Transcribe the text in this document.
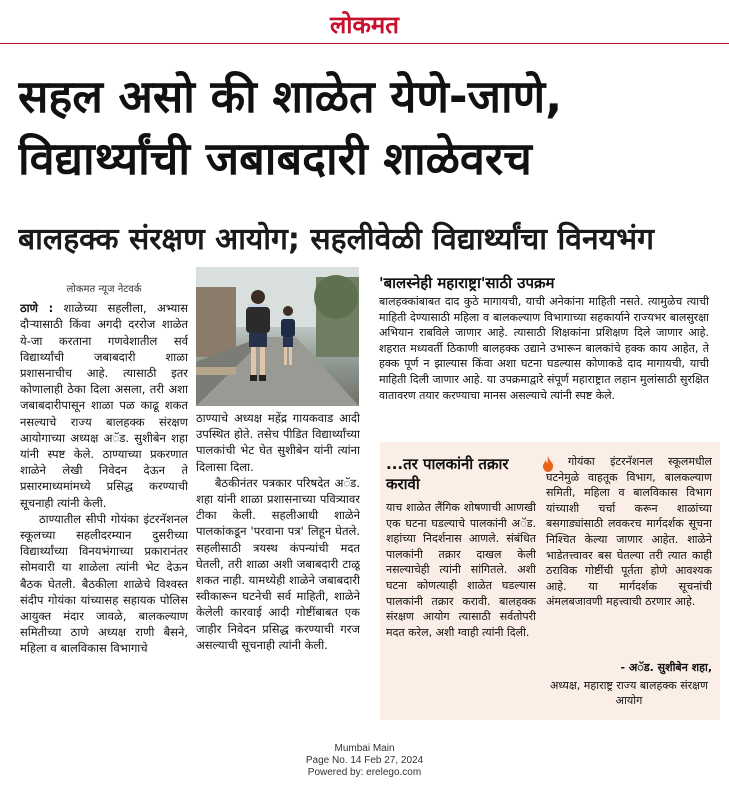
लोकमत
सहल असो की शाळेत येणे-जाणे,
विद्यार्थ्यांची जबाबदारी शाळेवरच
बालहक्क संरक्षण आयोग; सहलीवेळी विद्यार्थ्यांचा विनयभंग
लोकमत न्यूज नेटवर्क

ठाणे : शाळेच्या सहलीला, अभ्यास दौऱ्यासाठी किंवा अगदी दररोज शाळेत ये-जा करताना गणवेशातील सर्व विद्यार्थ्यांची जबाबदारी शाळा प्रशासनाचीच आहे. त्यासाठी इतर कोणालाही ठेका दिला असला, तरी अशा जबाबदारीपासून शाळा पळ काढू शकत नसल्याचे राज्य बालहक्क संरक्षण आयोगाच्या अध्यक्ष अॅड. सुशीबेन शहा यांनी स्पष्ट केले. ठाण्याच्या प्रकरणात शाळेने लेखी निवेदन देऊन ते प्रसारमाध्यमांमध्ये प्रसिद्ध करण्याची सूचनाही त्यांनी केली.

ठाण्यातील सीपी गोयंका इंटरनॅशनल स्कूलच्या सहलीदरम्यान दुसरीच्या विद्यार्थ्यांच्या विनयभंगाच्या प्रकारानंतर सोमवारी या शाळेला त्यांनी भेट देऊन बैठक घेतली. बैठकीला शाळेचे विश्वस्त संदीप गोयंका यांच्यासह सहायक पोलिस आयुक्त मंदार जावळे, बालकल्याण समितीच्या ठाणे अध्यक्ष राणी बैसने, महिला व बालविकास विभागाचे

ठाण्याचे अध्यक्ष महेंद्र गायकवाड आदी उपस्थित होते. तसेच पीडित विद्यार्थ्यांच्या पालकांची भेट घेत सुशीबेन यांनी त्यांना दिलासा दिला.

बैठकीनंतर पत्रकार परिषदेत अॅड. शहा यांनी शाळा प्रशासनाच्या पवित्र्यावर टीका केली. सहलीआधी शाळेने पालकांकडून 'परवाना पत्र' लिहून घेतले. सहलीसाठी त्रयस्थ कंपन्यांची मदत घेतली, तरी शाळा अशी जबाबदारी टाळू शकत नाही. यामध्येही शाळेने जबाबदारी स्वीकारून घटनेची सर्व माहिती, शाळेने केलेली कारवाई आदी गोष्टींबाबत एक जाहीर निवेदन प्रसिद्ध करण्याची गरज असल्याची सूचनाही त्यांनी केली.

'बालस्नेही महाराष्ट्रा'साठी उपक्रम
बालहक्कांबाबत दाद कुठे मागायची, याची अनेकांना माहिती नसते. त्यामुळेच त्याची माहिती देण्यासाठी महिला व बालकल्याण विभागाच्या सहकार्याने राज्यभर बालसुरक्षा अभियान राबविले जाणार आहे. त्यासाठी शिक्षकांना प्रशिक्षण दिले जाणार आहे. शहरात मध्यवर्ती ठिकाणी बालहक्क उद्याने उभारून बालकांचे हक्क काय आहेत, ते हक्क पूर्ण न झाल्यास किंवा अशा घटना घडल्यास कोणाकडे दाद मागायची, याची माहिती दिली जाणार आहे. या उपक्रमाद्वारे संपूर्ण महाराष्ट्रात लहान मुलांसाठी सुरक्षित वातावरण तयार करण्याचा मानस असल्याचे त्यांनी स्पष्ट केले.
...तर पालकांनी तक्रार करावी
याच शाळेत लैंगिक शोषणाची आणखी एक घटना घडल्याचे पालकांनी अॅड. शहांच्या निदर्शनास आणले. संबंधित पालकांनी तक्रार दाखल केली नसल्याचेही त्यांनी सांगितले. अशी घटना कोणत्याही शाळेत घडल्यास पालकांनी तक्रार करावी. बालहक्क संरक्षण आयोग त्यासाठी सर्वतोपरी मदत करेल, अशी ग्वाही त्यांनी दिली.
गोयंका इंटरनॅशनल स्कूलमधील घटनेमुळे वाहतूक विभाग, बालकल्याण समिती, महिला व बालविकास विभाग यांच्याशी चर्चा करून शाळांच्या बसगाड्यांसाठी लवकरच मार्गदर्शक सूचना निश्चित केल्या जाणार आहेत. शाळेने भाडेतत्त्वावर बस घेतल्या तरी त्यात काही ठराविक गोष्टींची पूर्तता होणे आवश्यक आहे. या मार्गदर्शक सूचनांची अंमलबजावणी महत्त्वाची ठरणार आहे.
- अॅड. सुशीबेन शहा,
अध्यक्ष, महाराष्ट्र राज्य बालहक्क संरक्षण आयोग
Mumbai Main
Page No. 14 Feb 27, 2024
Powered by: erelego.com
